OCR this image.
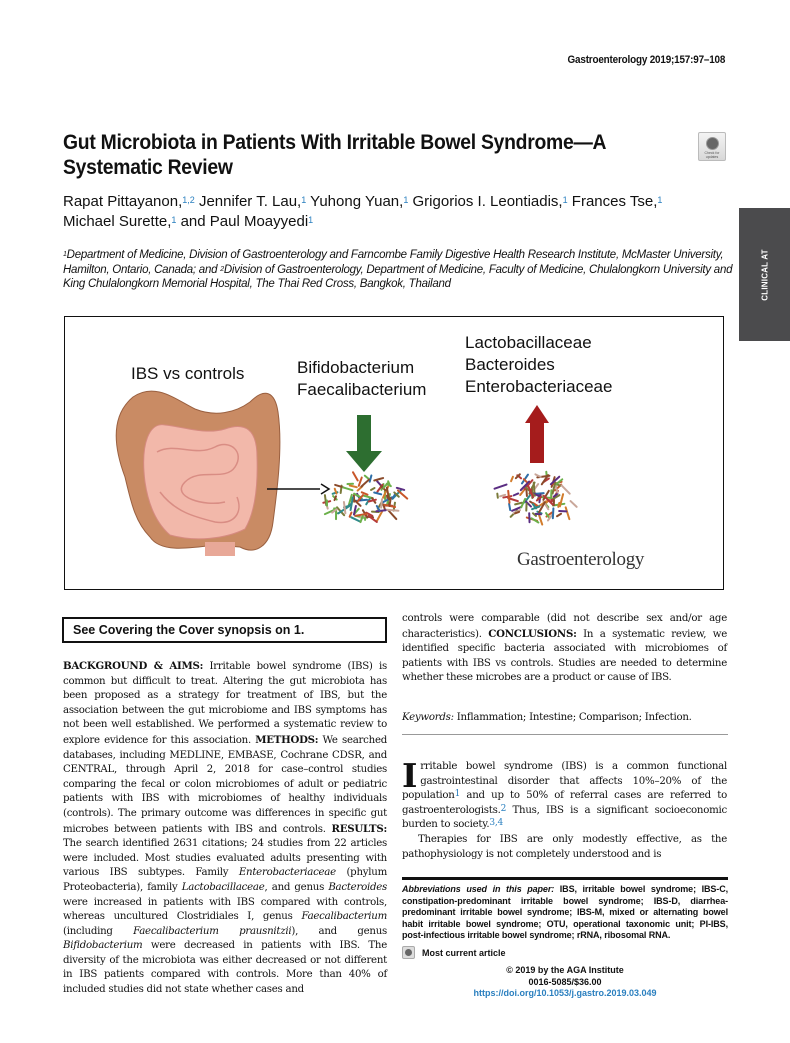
Gastroenterology 2019;157:97–108
Gut Microbiota in Patients With Irritable Bowel Syndrome—A
Systematic Review
Check for updates
CLINICAL AT
Rapat Pittayanon,$^{1,2}$ Jennifer T. Lau,$^1$ Yuhong Yuan,$^1$ Grigorios I. Leontiadis,$^1$ Frances Tse,$^1$
Michael Surette,$^1$ and Paul Moayyedi$^1$
$^1$Department of Medicine, Division of Gastroenterology and Farncombe Family Digestive Health Research Institute, McMaster University, Hamilton, Ontario, Canada; and $^2$Division of Gastroenterology, Department of Medicine, Faculty of Medicine, Chulalongkorn University and King Chulalongkorn Memorial Hospital, The Thai Red Cross, Bangkok, Thailand
IBS vs controls	Bifidobacterium
Faecalibacterium
Lactobacillaceae
Bacteroides
Enterobacteriaceae
Gastroenterology
See Covering the Cover synopsis on 1.
BACKGROUND & AIMS: Irritable bowel syndrome (IBS) is common but difficult to treat. Altering the gut microbiota has been proposed as a strategy for treatment of IBS, but the association between the gut microbiome and IBS symptoms has not been well established. We performed a systematic review to explore evidence for this association. METHODS: We searched databases, including MEDLINE, EMBASE, Cochrane CDSR, and CENTRAL, through April 2, 2018 for case–control studies comparing the fecal or colon microbiomes of adult or pediatric patients with IBS with microbiomes of healthy individuals (controls). The primary outcome was differences in specific gut microbes between patients with IBS and controls. RESULTS: The search identified 2631 citations; 24 studies from 22 articles were included. Most studies evaluated adults presenting with various IBS subtypes. Family Enterobacteriaceae (phylum Proteobacteria), family Lactobacillaceae, and genus Bacteroides were increased in patients with IBS compared with controls, whereas uncultured Clostridiales I, genus Faecalibacterium (including Faecalibacterium prausnitzii), and genus Bifidobacterium were decreased in patients with IBS. The diversity of the microbiota was either decreased or not different in IBS patients compared with controls. More than 40% of included studies did not state whether cases and
controls were comparable (did not describe sex and/or age characteristics). CONCLUSIONS: In a systematic review, we identified specific bacteria associated with microbiomes of patients with IBS vs controls. Studies are needed to determine whether these microbes are a product or cause of IBS.
Keywords: Inflammation; Intestine; Comparison; Infection.
Irritable bowel syndrome (IBS) is a common functional gastrointestinal disorder that affects 10%–20% of the population$^1$ and up to 50% of referral cases are referred to gastroenterologists.$^2$ Thus, IBS is a significant socioeconomic burden to society.$^{3,4}$
Therapies for IBS are only modestly effective, as the pathophysiology is not completely understood and is
Abbreviations used in this paper: IBS, irritable bowel syndrome; IBS-C, constipation-predominant irritable bowel syndrome; IBS-D, diarrhea-predominant irritable bowel syndrome; IBS-M, mixed or alternating bowel habit irritable bowel syndrome; OTU, operational taxonomic unit; PI-IBS, post-infectious irritable bowel syndrome; rRNA, ribosomal RNA.
Most current article
© 2019 by the AGA Institute
0016-5085/$36.00
https://doi.org/10.1053/j.gastro.2019.03.049
